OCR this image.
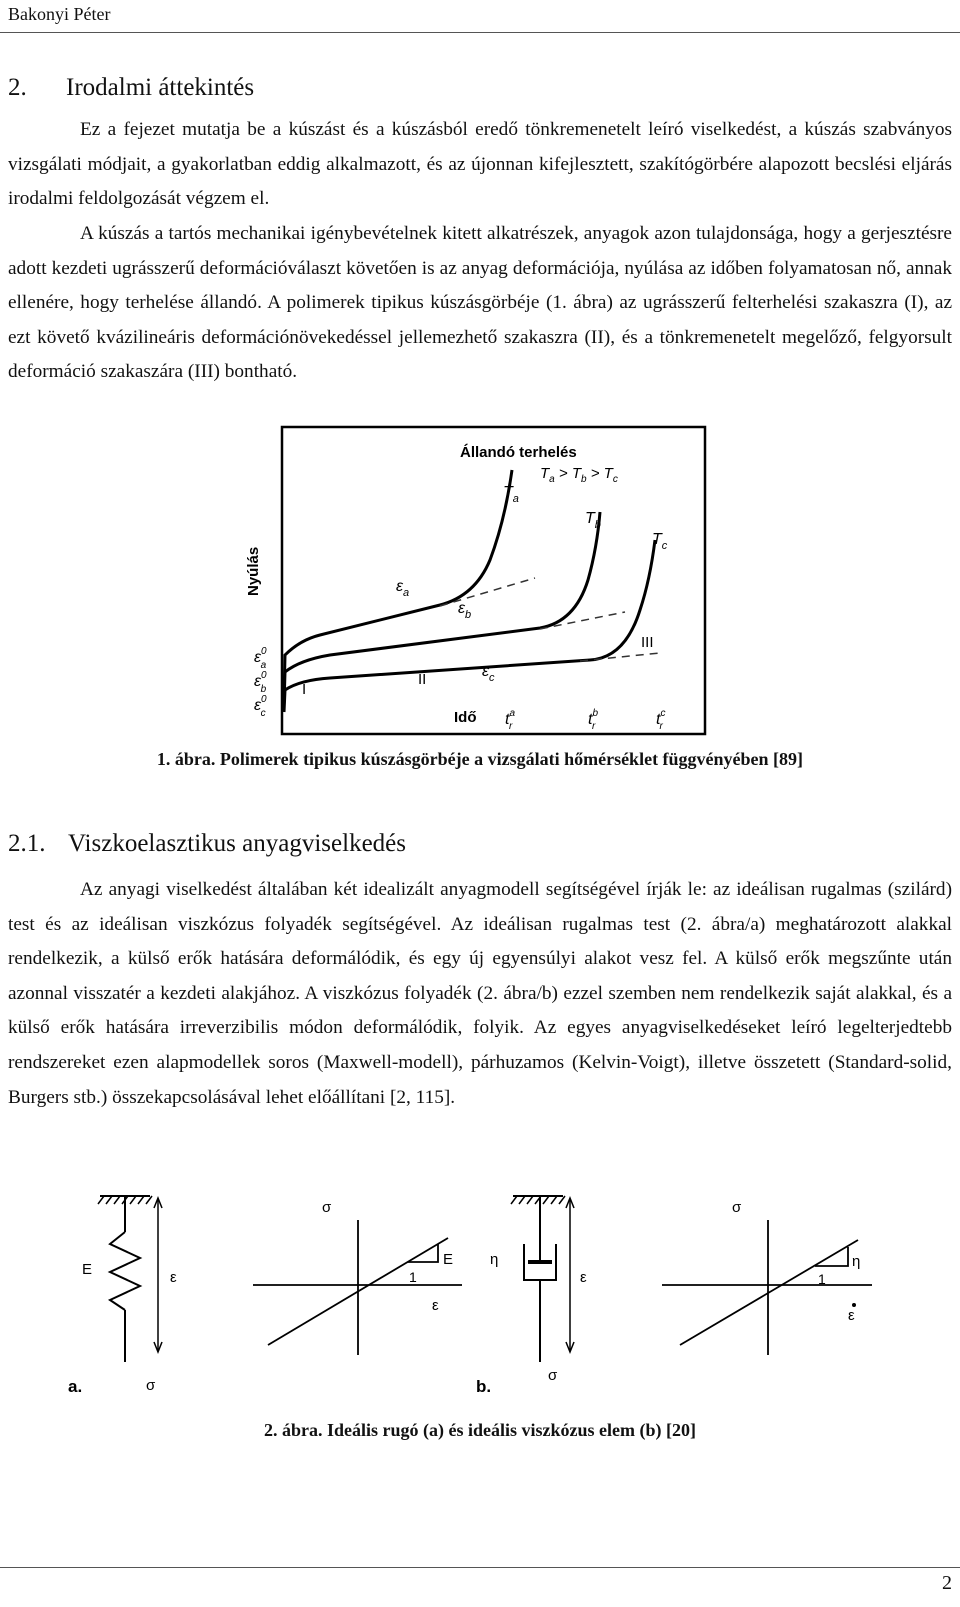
Bakonyi Péter
2. Irodalmi áttekintés

Ez a fejezet mutatja be a kúszást és a kúszásból eredő tönkremenetelt leíró viselkedést, a kúszás szabványos vizsgálati módjait, a gyakorlatban eddig alkalmazott, és az újonnan kifejlesztett, szakítógörbére alapozott becslési eljárás irodalmi feldolgozását végzem el.

A kúszás a tartós mechanikai igénybevételnek kitett alkatrészek, anyagok azon tulajdonsága, hogy a gerjesztésre adott kezdeti ugrásszerű deformációválaszt követően is az anyag deformációja, nyúlása az időben folyamatosan nő, annak ellenére, hogy terhelése állandó. A polimerek tipikus kúszásgörbéje (1. ábra) az ugrásszerű felterhelési szakaszra (I), az ezt követő kvázilineáris deformációnövekedéssel jellemezhető szakaszra (II), és a tönkremenetelt megelőző, felgyorsult deformáció szakaszára (III) bontható.

Állandó terhelés
$T_a > T_b > T_c$
Nyúlás
Idő
$T_a$
$T_b$
$T_c$
$\varepsilon_a$
$\varepsilon_b$
$\varepsilon_c$
$\varepsilon^0$ a
$\varepsilon^0$ b
$\varepsilon^0$ c
I
II
III
$t^a$ r	$t^b$ r	$t^c$ r
1. ábra. Polimerek tipikus kúszásgörbéje a vizsgálati hőmérséklet függvényében [89]
2.1. Viszkoelasztikus anyagviselkedés

Az anyagi viselkedést általában két idealizált anyagmodell segítségével írják le: az ideálisan rugalmas (szilárd) test és az ideálisan viszkózus folyadék segítségével. Az ideálisan rugalmas test (2. ábra/a) meghatározott alakkal rendelkezik, a külső erők hatására deformálódik, és egy új egyensúlyi alakot vesz fel. A külső erők megszűnte után azonnal visszatér a kezdeti alakjához. A viszkózus folyadék (2. ábra/b) ezzel szemben nem rendelkezik saját alakkal, és a külső erők hatására irreverzibilis módon deformálódik, folyik. Az egyes anyagviselkedéseket leíró legelterjedtebb rendszereket ezen alapmodellek soros (Maxwell-modell), párhuzamos (Kelvin-Voigt), illetve összetett (Standard-solid, Burgers stb.) összekapcsolásával lehet előállítani [2, 115].

E	ε
σ
a.
σ
E
1
ε
η
ε
σ
b.
σ
η
1
ε
2. ábra. Ideális rugó (a) és ideális viszkózus elem (b) [20]
2
